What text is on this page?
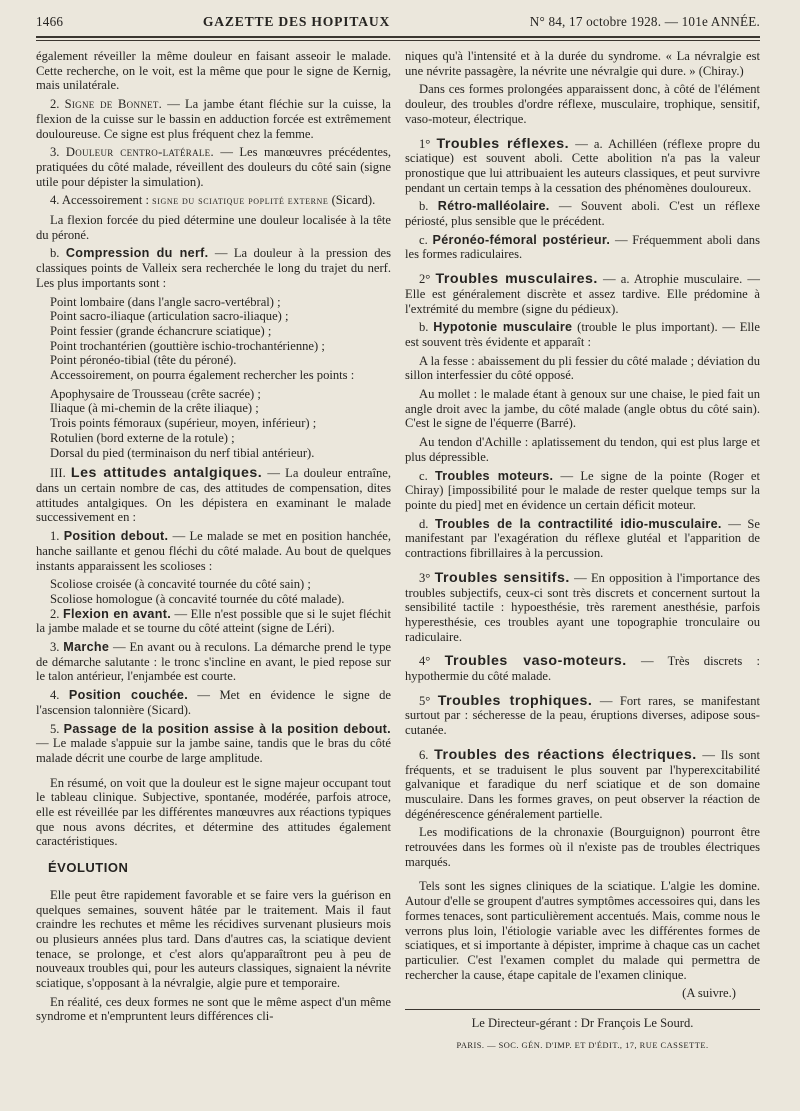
1466	GAZETTE DES HOPITAUX	N° 84, 17 octobre 1928. — 101e ANNÉE.

également réveiller la même douleur en faisant asseoir le malade. Cette recherche, on le voit, est la même que pour le signe de Kernig, mais unilatérale.

2. Signe de Bonnet. — La jambe étant fléchie sur la cuisse, la flexion de la cuisse sur le bassin en adduction forcée est extrêmement douloureuse. Ce signe est plus fréquent chez la femme.

3. Douleur centro-latérale. — Les manœuvres précédentes, pratiquées du côté malade, réveillent des douleurs du côté sain (signe utile pour dépister la simulation).

4. Accessoirement : signe du sciatique poplité externe (Sicard).

La flexion forcée du pied détermine une douleur localisée à la tête du péroné.

b. Compression du nerf. — La douleur à la pression des classiques points de Valleix sera recherchée le long du trajet du nerf. Les plus importants sont :

Point lombaire (dans l'angle sacro-vertébral) ;

Point sacro-iliaque (articulation sacro-iliaque) ;

Point fessier (grande échancrure sciatique) ;

Point trochantérien (gouttière ischio-trochantérienne) ;

Point péronéo-tibial (tête du péroné).

Accessoirement, on pourra également rechercher les points :

Apophysaire de Trousseau (crête sacrée) ;

Iliaque (à mi-chemin de la crête iliaque) ;

Trois points fémoraux (supérieur, moyen, inférieur) ;

Rotulien (bord externe de la rotule) ;

Dorsal du pied (terminaison du nerf tibial antérieur).

III. Les attitudes antalgiques. — La douleur entraîne, dans un certain nombre de cas, des attitudes de compensation, dites attitudes antalgiques. On les dépistera en examinant le malade successivement en :

1. Position debout. — Le malade se met en position hanchée, hanche saillante et genou fléchi du côté malade. Au bout de quelques instants apparaissent les scolioses :

Scoliose croisée (à concavité tournée du côté sain) ;

Scoliose homologue (à concavité tournée du côté malade).

2. Flexion en avant. — Elle n'est possible que si le sujet fléchit la jambe malade et se tourne du côté atteint (signe de Léri).

3. Marche — En avant ou à reculons. La démarche prend le type de démarche salutante : le tronc s'incline en avant, le pied repose sur le talon antérieur, l'enjambée est courte.

4. Position couchée. — Met en évidence le signe de l'ascension talonnière (Sicard).

5. Passage de la position assise à la position debout. — Le malade s'appuie sur la jambe saine, tandis que le bras du côté malade décrit une courbe de large amplitude.

En résumé, on voit que la douleur est le signe majeur occupant tout le tableau clinique. Subjective, spontanée, modérée, parfois atroce, elle est réveillée par les différentes manœuvres aux réactions typiques que nous avons décrites, et détermine des attitudes également caractéristiques.

ÉVOLUTION

Elle peut être rapidement favorable et se faire vers la guérison en quelques semaines, souvent hâtée par le traitement. Mais il faut craindre les rechutes et même les récidives survenant plusieurs mois ou plusieurs années plus tard. Dans d'autres cas, la sciatique devient tenace, se prolonge, et c'est alors qu'apparaîtront peu à peu de nouveaux troubles qui, pour les auteurs classiques, signaient la névrite sciatique, s'opposant à la névralgie, algie pure et temporaire.

En réalité, ces deux formes ne sont que le même aspect d'un même syndrome et n'empruntent leurs différences cli-

niques qu'à l'intensité et à la durée du syndrome. « La névralgie est une névrite passagère, la névrite une névralgie qui dure. » (Chiray.)

Dans ces formes prolongées apparaissent donc, à côté de l'élément douleur, des troubles d'ordre réflexe, musculaire, trophique, sensitif, vaso-moteur, électrique.

1° Troubles réflexes. — a. Achilléen (réflexe propre du sciatique) est souvent aboli. Cette abolition n'a pas la valeur pronostique que lui attribuaient les auteurs classiques, et peut survivre pendant un certain temps à la cessation des phénomènes douloureux.

b. Rétro-malléolaire. — Souvent aboli. C'est un réflexe périosté, plus sensible que le précédent.

c. Péronéo-fémoral postérieur. — Fréquemment aboli dans les formes radiculaires.

2° Troubles musculaires. — a. Atrophie musculaire. — Elle est généralement discrète et assez tardive. Elle prédomine à l'extrémité du membre (signe du pédieux).

b. Hypotonie musculaire (trouble le plus important). — Elle est souvent très évidente et apparaît :

A la fesse : abaissement du pli fessier du côté malade ; déviation du sillon interfessier du côté opposé.

Au mollet : le malade étant à genoux sur une chaise, le pied fait un angle droit avec la jambe, du côté malade (angle obtus du côté sain). C'est le signe de l'équerre (Barré).

Au tendon d'Achille : aplatissement du tendon, qui est plus large et plus dépressible.

c. Troubles moteurs. — Le signe de la pointe (Roger et Chiray) [impossibilité pour le malade de rester quelque temps sur la pointe du pied] met en évidence un certain déficit moteur.

d. Troubles de la contractilité idio-musculaire. — Se manifestant par l'exagération du réflexe glutéal et l'apparition de contractions fibrillaires à la percussion.

3° Troubles sensitifs. — En opposition à l'importance des troubles subjectifs, ceux-ci sont très discrets et concernent surtout la sensibilité tactile : hypoesthésie, très rarement anesthésie, parfois hyperesthésie, ces troubles ayant une topographie tronculaire ou radiculaire.

4° Troubles vaso-moteurs. — Très discrets : hypothermie du côté malade.

5° Troubles trophiques. — Fort rares, se manifestant surtout par : sécheresse de la peau, éruptions diverses, adipose sous-cutanée.

6. Troubles des réactions électriques. — Ils sont fréquents, et se traduisent le plus souvent par l'hyperexcitabilité galvanique et faradique du nerf sciatique et de son domaine musculaire. Dans les formes graves, on peut observer la réaction de dégénérescence généralement partielle.

Les modifications de la chronaxie (Bourguignon) pourront être retrouvées dans les formes où il n'existe pas de troubles électriques marqués.

Tels sont les signes cliniques de la sciatique. L'algie les domine. Autour d'elle se groupent d'autres symptômes accessoires qui, dans les formes tenaces, sont particulièrement accentués. Mais, comme nous le verrons plus loin, l'étiologie variable avec les différentes formes de sciatiques, et si importante à dépister, imprime à chaque cas un cachet particulier. C'est l'examen complet du malade qui permettra de rechercher la cause, étape capitale de l'examen clinique.

(A suivre.)

Le Directeur-gérant : Dr François Le Sourd.
PARIS. — SOC. GÉN. D'IMP. ET D'ÉDIT., 17, RUE CASSETTE.
